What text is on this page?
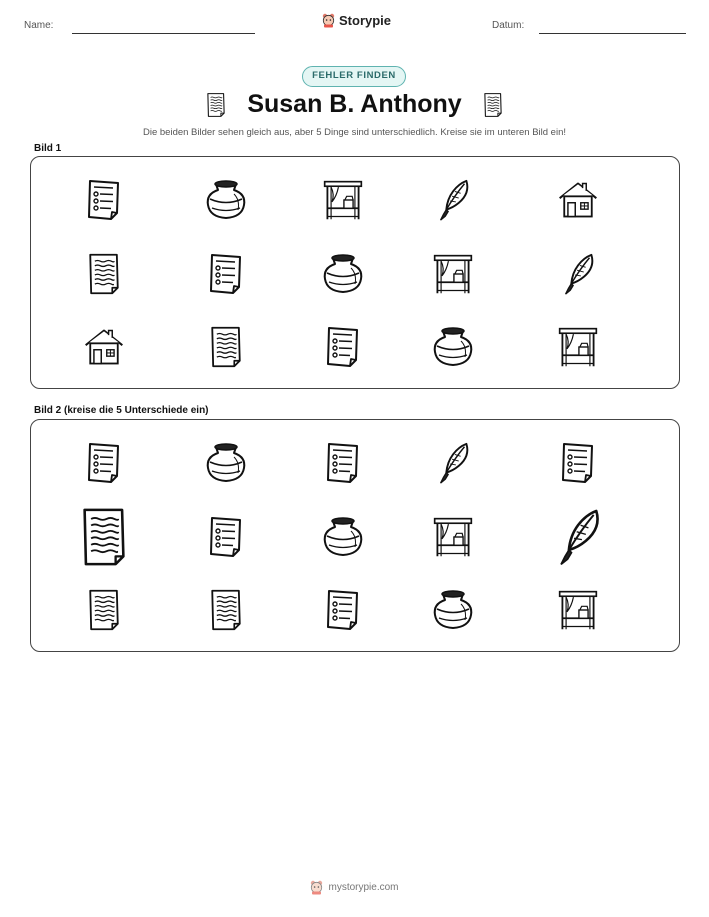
Name:	Storypie	Datum:
FEHLER FINDEN
Susan B. Anthony
Die beiden Bilder sehen gleich aus, aber 5 Dinge sind unterschiedlich. Kreise sie im unteren Bild ein!
Bild 1
Bild 2 (kreise die 5 Unterschiede ein)
mystorypie.com
